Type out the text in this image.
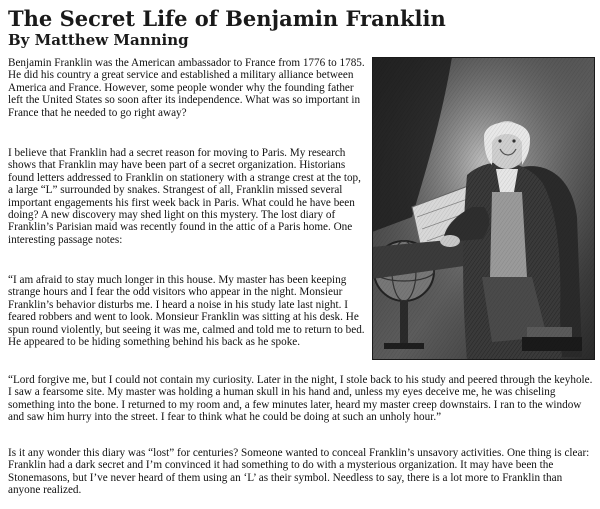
The Secret Life of Benjamin Franklin
By Matthew Manning

Benjamin Franklin was the American ambassador to France from 1776 to 1785. He did his country a great service and established a military alliance between America and France. However, some people wonder why the founding father left the United States so soon after its independence. What was so important in France that he needed to go right away?

I believe that Franklin had a secret reason for moving to Paris. My research shows that Franklin may have been part of a secret organization. Historians found letters addressed to Franklin on stationery with a strange crest at the top, a large “L” surrounded by snakes. Strangest of all, Franklin missed several important engagements his first week back in Paris. What could he have been doing? A new discovery may shed light on this mystery. The lost diary of Franklin’s Parisian maid was recently found in the attic of a Paris home. One interesting passage notes:

“I am afraid to stay much longer in this house. My master has been keeping strange hours and I fear the odd visitors who appear in the night. Monsieur Franklin’s behavior disturbs me. I heard a noise in his study late last night. I feared robbers and went to look. Monsieur Franklin was sitting at his desk. He spun round violently, but seeing it was me, calmed and told me to return to bed. He appeared to be hiding something behind his back as he spoke.

“Lord forgive me, but I could not contain my curiosity. Later in the night, I stole back to his study and peered through the keyhole. I saw a fearsome site. My master was holding a human skull in his hand and, unless my eyes deceive me, he was chiseling something into the bone. I returned to my room and, a few minutes later, heard my master creep downstairs. I ran to the window and saw him hurry into the street. I fear to think what he could be doing at such an unholy hour.”

Is it any wonder this diary was “lost” for centuries? Someone wanted to conceal Franklin’s unsavory activities. One thing is clear: Franklin had a dark secret and I’m convinced it had something to do with a mysterious organization. It may have been the Stonemasons, but I’ve never heard of them using an ‘L’ as their symbol. Needless to say, there is a lot more to Franklin than anyone realized.
